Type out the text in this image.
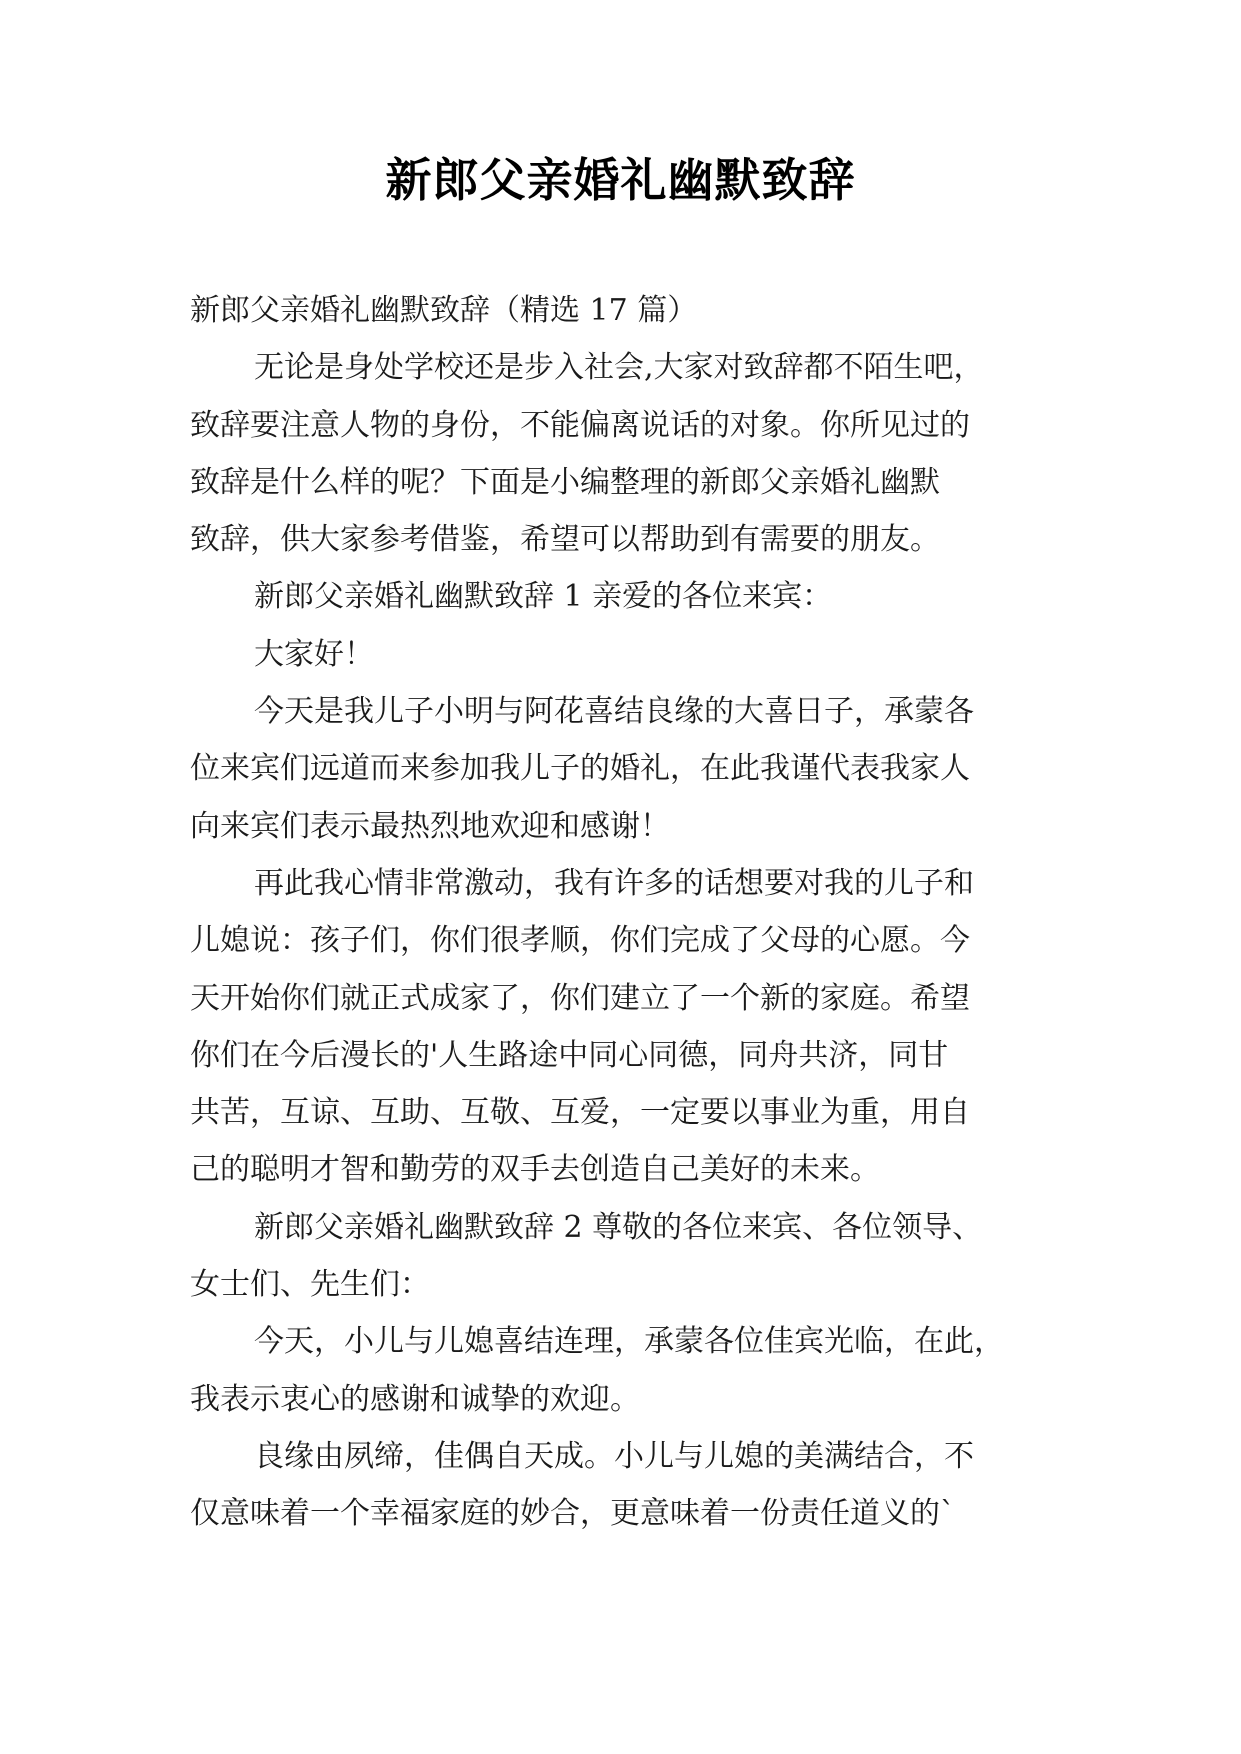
新郎父亲婚礼幽默致辞
新郎父亲婚礼幽默致辞（精选 17 篇）
无论是身处学校还是步入社会,大家对致辞都不陌生吧，
致辞要注意人物的身份，不能偏离说话的对象。你所见过的
致辞是什么样的呢？下面是小编整理的新郎父亲婚礼幽默
致辞，供大家参考借鉴，希望可以帮助到有需要的朋友。
新郎父亲婚礼幽默致辞 1 亲爱的各位来宾：
大家好！
今天是我儿子小明与阿花喜结良缘的大喜日子，承蒙各
位来宾们远道而来参加我儿子的婚礼，在此我谨代表我家人
向来宾们表示最热烈地欢迎和感谢！
再此我心情非常激动，我有许多的话想要对我的儿子和
儿媳说：孩子们，你们很孝顺，你们完成了父母的心愿。今
天开始你们就正式成家了，你们建立了一个新的家庭。希望
你们在今后漫长的'人生路途中同心同德，同舟共济，同甘
共苦，互谅、互助、互敬、互爱，一定要以事业为重，用自
己的聪明才智和勤劳的双手去创造自己美好的未来。
新郎父亲婚礼幽默致辞 2 尊敬的各位来宾、各位领导、
女士们、先生们：
今天，小儿与儿媳喜结连理，承蒙各位佳宾光临，在此，
我表示衷心的感谢和诚挚的欢迎。
良缘由夙缔，佳偶自天成。小儿与儿媳的美满结合，不
仅意味着一个幸福家庭的妙合，更意味着一份责任道义的`
